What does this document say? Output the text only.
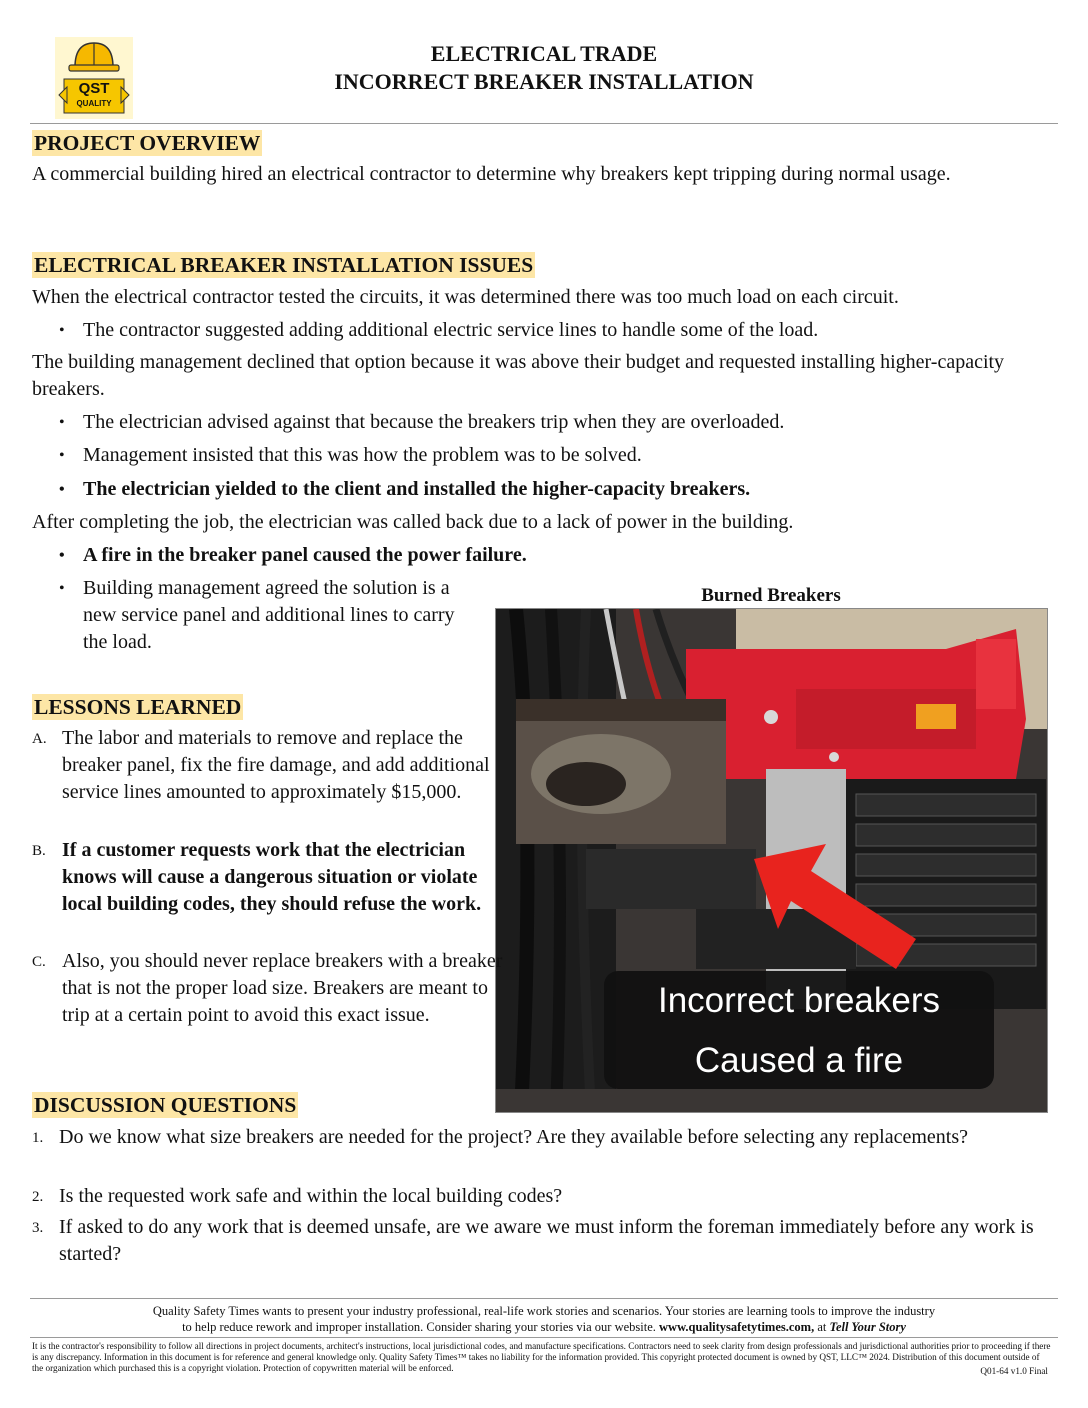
QST
QUALITY
ELECTRICAL TRADE
INCORRECT BREAKER INSTALLATION
PROJECT OVERVIEW
A commercial building hired an electrical contractor to determine why breakers kept tripping during normal usage.
ELECTRICAL BREAKER INSTALLATION ISSUES
When the electrical contractor tested the circuits, it was determined there was too much load on each circuit.
• The contractor suggested adding additional electric service lines to handle some of the load.
The building management declined that option because it was above their budget and requested installing higher-capacity breakers.
• The electrician advised against that because the breakers trip when they are overloaded.
• Management insisted that this was how the problem was to be solved.
• The electrician yielded to the client and installed the higher-capacity breakers.
After completing the job, the electrician was called back due to a lack of power in the building.
• A fire in the breaker panel caused the power failure.
• Building management agreed the solution is a new service panel and additional lines to carry the load.
Burned Breakers
Incorrect breakers
Caused a fire
LESSONS LEARNED
A. The labor and materials to remove and replace the breaker panel, fix the fire damage, and add additional service lines amounted to approximately $15,000.
B. If a customer requests work that the electrician knows will cause a dangerous situation or violate local building codes, they should refuse the work.
C. Also, you should never replace breakers with a breaker that is not the proper load size. Breakers are meant to trip at a certain point to avoid this exact issue.
DISCUSSION QUESTIONS
1. Do we know what size breakers are needed for the project? Are they available before selecting any replacements?
2. Is the requested work safe and within the local building codes?
3. If asked to do any work that is deemed unsafe, are we aware we must inform the foreman immediately before any work is started?
Quality Safety Times wants to present your industry professional, real-life work stories and scenarios. Your stories are learning tools to improve the industry
to help reduce rework and improper installation. Consider sharing your stories via our website. www.qualitysafetytimes.com, at Tell Your Story
It is the contractor's responsibility to follow all directions in project documents, architect's instructions, local jurisdictional codes, and manufacture specifications. Contractors need to seek clarity from design professionals and jurisdictional authorities prior to proceeding if there is any discrepancy. Information in this document is for reference and general knowledge only. Quality Safety Times™ takes no liability for the information provided. This copyright protected document is owned by QST, LLC™ 2024. Distribution of this document outside of the organization which purchased this is a copyright violation. Protection of copywritten material will be enforced.	Q01-64 v1.0 Final
